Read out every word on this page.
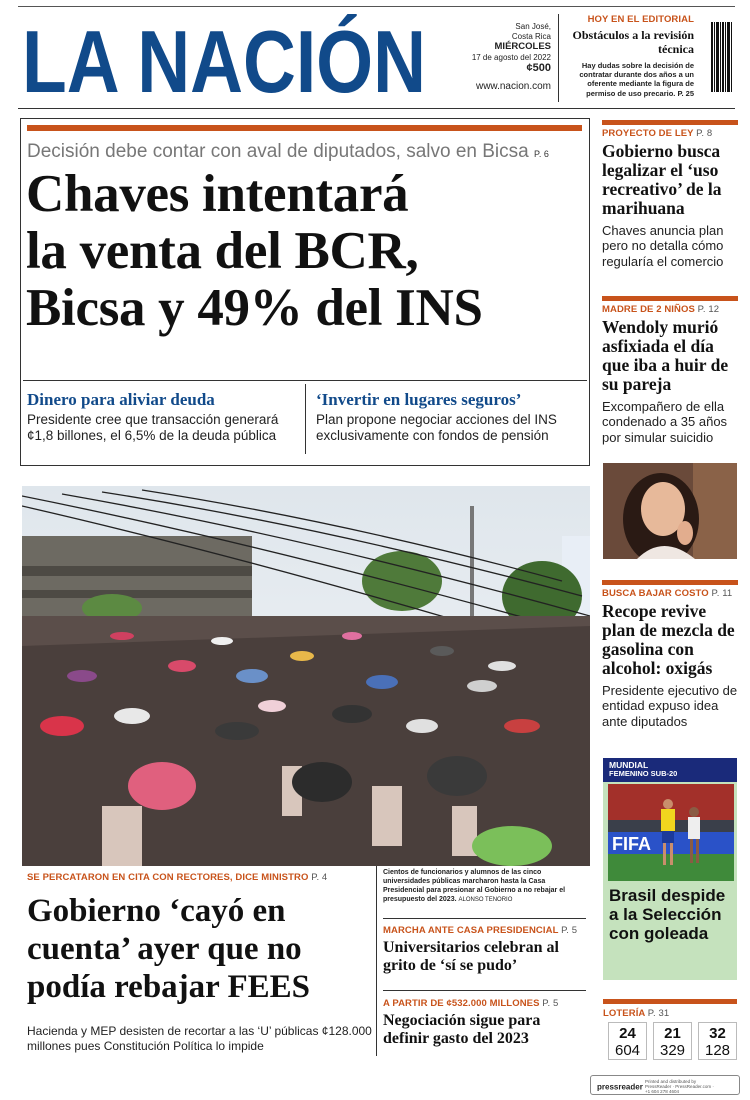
LA NACIÓN	San José,
Costa Rica
MIÉRCOLES
17 de agosto del 2022
¢500
www.nacion.com
HOY EN EL EDITORIAL
Obstáculos a la revisión técnica
Hay dudas sobre la decisión de contratar durante dos años a un oferente mediante la figura de permiso de uso precario. P. 25
Decisión debe contar con aval de diputados, salvo en Bicsa P. 6
Chaves intentará
la venta del BCR,
Bicsa y 49% del INS
Dinero para aliviar deuda
Presidente cree que transacción generará ¢1,8 billones, el 6,5% de la deuda pública
‘Invertir en lugares seguros’
Plan propone negociar acciones del INS exclusivamente con fondos de pensión
PROYECTO DE LEY P. 8
Gobierno busca legalizar el ‘uso recreativo’ de la marihuana
Chaves anuncia plan pero no detalla cómo regularía el comercio
MADRE DE 2 NIÑOS P. 12
Wendoly murió asfixiada el día que iba a huir de su pareja
Excompañero de ella condenado a 35 años por simular suicidio
BUSCA BAJAR COSTO P. 11
Recope revive plan de mezcla de gasolina con alcohol: oxigás
Presidente ejecutivo de entidad expuso idea ante diputados
MUNDIAL
FEMENINO SUB-20
FIFA
Brasil despide a la Selección con goleada
LOTERÍA P. 31
24
604
21
329
32
128
SE PERCATARON EN CITA CON RECTORES, DICE MINISTRO P. 4
Gobierno ‘cayó en cuenta’ ayer que no podía rebajar FEES
Hacienda y MEP desisten de recortar a las ‘U’ públicas ¢128.000 millones pues Constitución Política lo impide
Cientos de funcionarios y alumnos de las cinco universidades públicas marcharon hasta la Casa Presidencial para presionar al Gobierno a no rebajar el presupuesto del 2023. ALONSO TENORIO
MARCHA ANTE CASA PRESIDENCIAL P. 5
Universitarios celebran al grito de ‘sí se pudo’
A PARTIR DE ¢532.000 MILLONES P. 5
Negociación sigue para definir gasto del 2023
pressreader Printed and distributed by PressReader · PressReader.com · +1 604 278 4604
